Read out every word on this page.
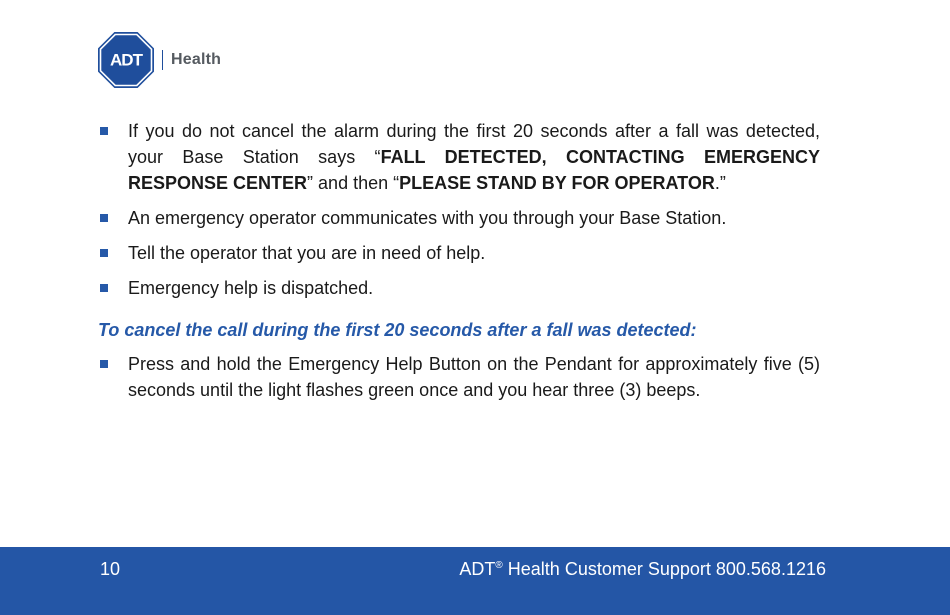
ADT Health
If you do not cancel the alarm during the first 20 seconds after a fall was detected, your Base Station says “FALL DETECTED, CONTACTING EMERGENCY RESPONSE CENTER” and then “PLEASE STAND BY FOR OPERATOR.”
An emergency operator communicates with you through your Base Station.
Tell the operator that you are in need of help.
Emergency help is dispatched.
To cancel the call during the first 20 seconds after a fall was detected:
Press and hold the Emergency Help Button on the Pendant for approximately five (5) seconds until the light flashes green once and you hear three (3) beeps.
10	ADT® Health Customer Support 800.568.1216
